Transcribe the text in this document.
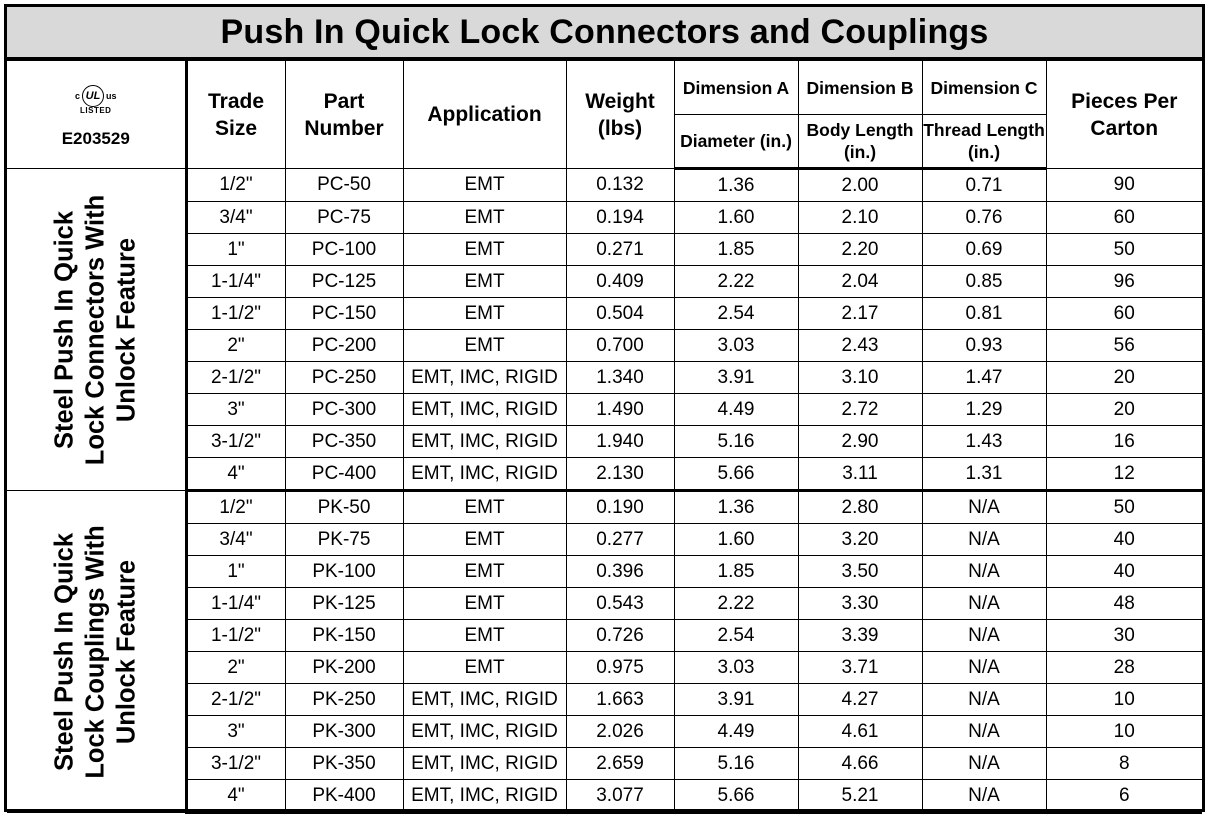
Push In Quick Lock Connectors and Couplings
c UL us
LISTED
E203529	Trade Size	Part Number	Application	Weight (lbs)	Dimension A	Dimension B	Dimension C	Pieces Per Carton
					Diameter (in.)	Body Length (in.)	Thread Length (in.)	

Steel Push In Quick Lock Connectors With Unlock Feature	1/2"	PC-50	EMT	0.132	1.36	2.00	0.71	90
	3/4"	PC-75	EMT	0.194	1.60	2.10	0.76	60
	1"	PC-100	EMT	0.271	1.85	2.20	0.69	50
	1-1/4"	PC-125	EMT	0.409	2.22	2.04	0.85	96
	1-1/2"	PC-150	EMT	0.504	2.54	2.17	0.81	60
	2"	PC-200	EMT	0.700	3.03	2.43	0.93	56
	2-1/2"	PC-250	EMT, IMC, RIGID	1.340	3.91	3.10	1.47	20
	3"	PC-300	EMT, IMC, RIGID	1.490	4.49	2.72	1.29	20
	3-1/2"	PC-350	EMT, IMC, RIGID	1.940	5.16	2.90	1.43	16
	4"	PC-400	EMT, IMC, RIGID	2.130	5.66	3.11	1.31	12

Steel Push In Quick Lock Couplings With Unlock Feature	1/2"	PK-50	EMT	0.190	1.36	2.80	N/A	50
	3/4"	PK-75	EMT	0.277	1.60	3.20	N/A	40
	1"	PK-100	EMT	0.396	1.85	3.50	N/A	40
	1-1/4"	PK-125	EMT	0.543	2.22	3.30	N/A	48
	1-1/2"	PK-150	EMT	0.726	2.54	3.39	N/A	30
	2"	PK-200	EMT	0.975	3.03	3.71	N/A	28
	2-1/2"	PK-250	EMT, IMC, RIGID	1.663	3.91	4.27	N/A	10
	3"	PK-300	EMT, IMC, RIGID	2.026	4.49	4.61	N/A	10
	3-1/2"	PK-350	EMT, IMC, RIGID	2.659	5.16	4.66	N/A	8
	4"	PK-400	EMT, IMC, RIGID	3.077	5.66	5.21	N/A	6
